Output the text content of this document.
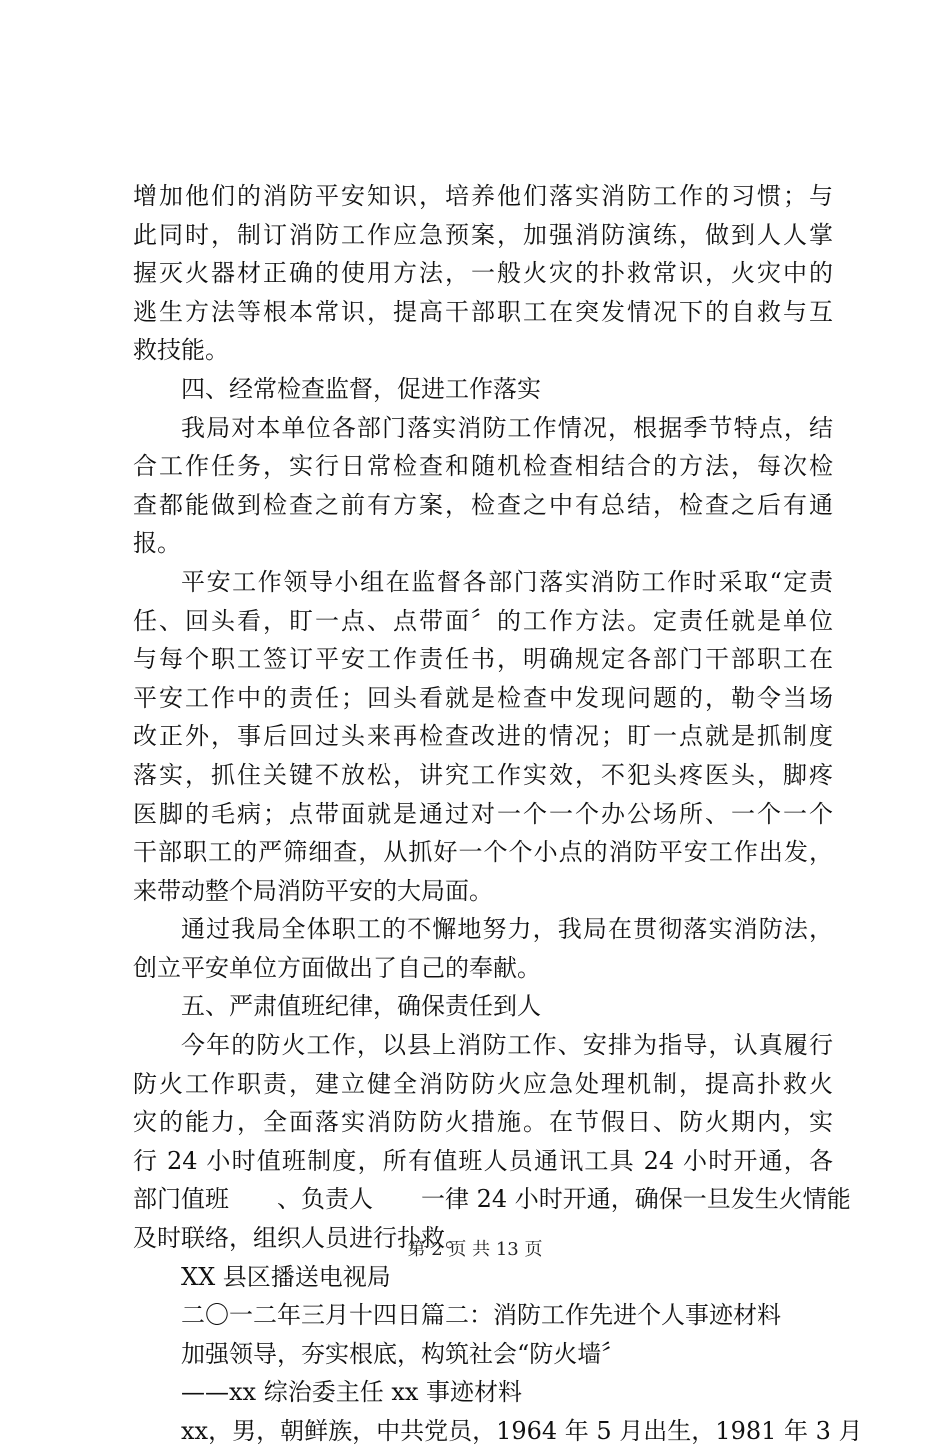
增加他们的消防平安知识，培养他们落实消防工作的习惯；与
此同时，制订消防工作应急预案，加强消防演练，做到人人掌
握灭火器材正确的使用方法，一般火灾的扑救常识，火灾中的
逃生方法等根本常识，提高干部职工在突发情况下的自救与互
救技能。
四、经常检查监督，促进工作落实
我局对本单位各部门落实消防工作情况，根据季节特点，结
合工作任务，实行日常检查和随机检查相结合的方法，每次检
查都能做到检查之前有方案，检查之中有总结，检查之后有通
报。
平安工作领导小组在监督各部门落实消防工作时采取“定责
任、回头看，盯一点、点带面〞的工作方法。定责任就是单位
与每个职工签订平安工作责任书，明确规定各部门干部职工在
平安工作中的责任；回头看就是检查中发现问题的，勒令当场
改正外，事后回过头来再检查改进的情况；盯一点就是抓制度
落实，抓住关键不放松，讲究工作实效，不犯头疼医头，脚疼
医脚的毛病；点带面就是通过对一个一个办公场所、一个一个
干部职工的严筛细查，从抓好一个个小点的消防平安工作出发，
来带动整个局消防平安的大局面。
通过我局全体职工的不懈地努力，我局在贯彻落实消防法，
创立平安单位方面做出了自己的奉献。
五、严肃值班纪律，确保责任到人
今年的防火工作，以县上消防工作、安排为指导，认真履行
防火工作职责，建立健全消防防火应急处理机制，提高扑救火
灾的能力，全面落实消防防火措施。在节假日、防火期内，实
行 24 小时值班制度，所有值班人员通讯工具 24 小时开通，各
部门值班　　、负责人　　一律 24 小时开通，确保一旦发生火情能
及时联络，组织人员进行扑救。
XX 县区播送电视局
二〇一二年三月十四日篇二：消防工作先进个人事迹材料
加强领导，夯实根底，构筑社会“防火墙〞
——xx 综治委主任 xx 事迹材料
xx，男，朝鲜族，中共党员，1964 年 5 月出生，1981 年 3 月
第 2 页 共 13 页
